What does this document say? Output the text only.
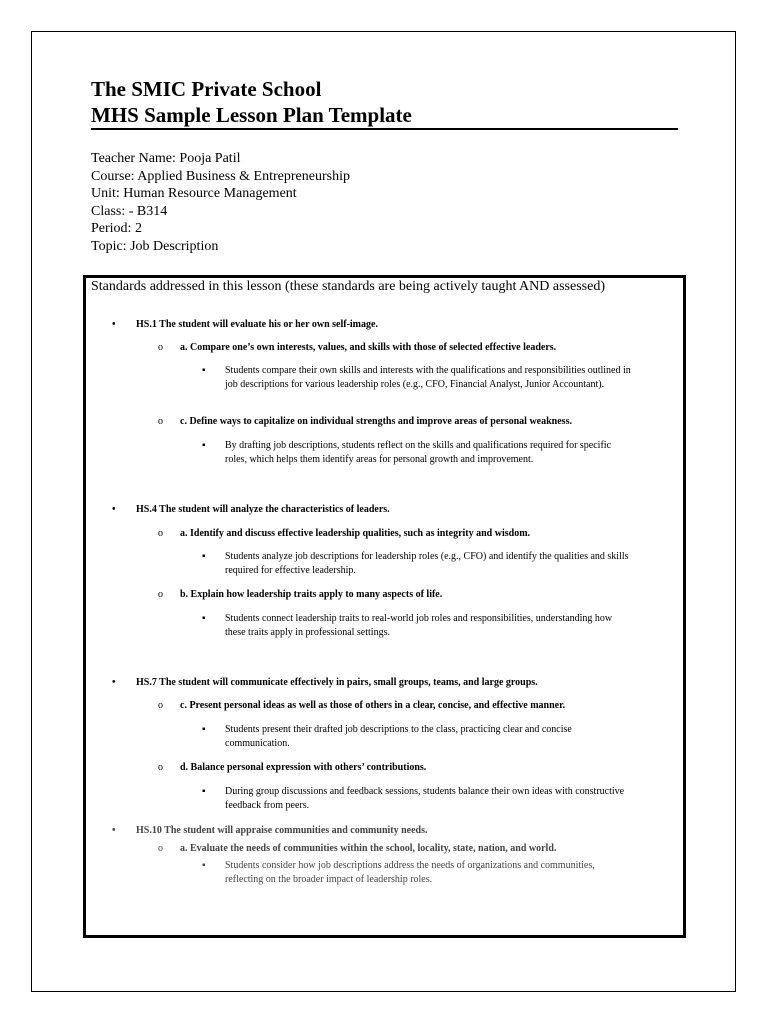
The SMIC Private School
MHS Sample Lesson Plan Template
Teacher Name: Pooja Patil
Course: Applied Business & Entrepreneurship
Unit: Human Resource Management
Class: - B314
Period: 2
Topic: Job Description
Standards addressed in this lesson (these standards are being actively taught AND assessed)
•	HS.1 The student will evaluate his or her own self-image.
o a. Compare one’s own interests, values, and skills with those of selected effective leaders.
▪ Students compare their own skills and interests with the qualifications and responsibilities outlined in job descriptions for various leadership roles (e.g., CFO, Financial Analyst, Junior Accountant).
o c. Define ways to capitalize on individual strengths and improve areas of personal weakness.
▪ By drafting job descriptions, students reflect on the skills and qualifications required for specific roles, which helps them identify areas for personal growth and improvement.
•	HS.4 The student will analyze the characteristics of leaders.
o a. Identify and discuss effective leadership qualities, such as integrity and wisdom.
▪ Students analyze job descriptions for leadership roles (e.g., CFO) and identify the qualities and skills required for effective leadership.
o b. Explain how leadership traits apply to many aspects of life.
▪ Students connect leadership traits to real-world job roles and responsibilities, understanding how these traits apply in professional settings.
•	HS.7 The student will communicate effectively in pairs, small groups, teams, and large groups.
o c. Present personal ideas as well as those of others in a clear, concise, and effective manner.
▪ Students present their drafted job descriptions to the class, practicing clear and concise communication.
o d. Balance personal expression with others’ contributions.
▪ During group discussions and feedback sessions, students balance their own ideas with constructive feedback from peers.
•	HS.10 The student will appraise communities and community needs.
o a. Evaluate the needs of communities within the school, locality, state, nation, and world.
▪ Students consider how job descriptions address the needs of organizations and communities, reflecting on the broader impact of leadership roles.
